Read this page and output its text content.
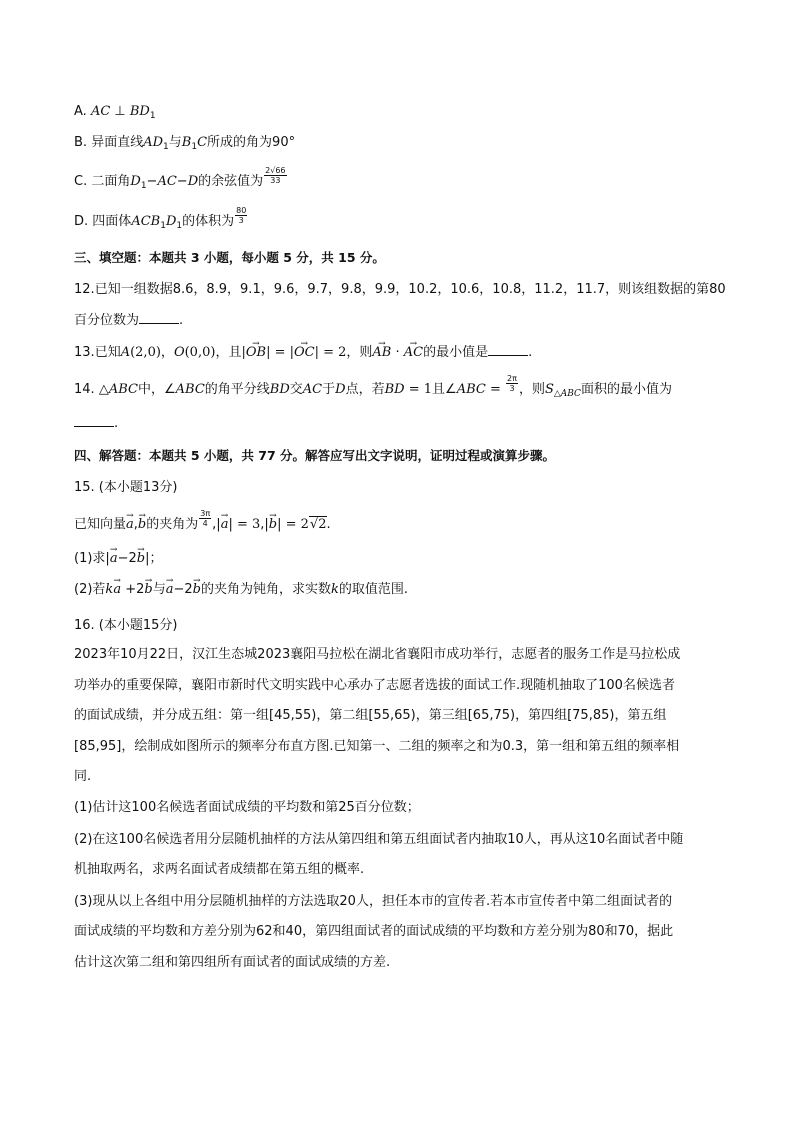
A. AC ⊥ $BD_1$
B. 异面直线$AD_1$与$B_1C$所成的角为90°
C. 二面角$D_1-AC-D$的余弦值为 $\frac{2√66}{33}$
D. 四面体$ACB_1D_1$的体积为 $\frac{80}{3}$
三、填空题：本题共 3 小题，每小题 5 分，共 15 分。
12.已知一组数据8.6，8.9，9.1，9.6，9.7，9.8，9.9，10.2，10.6，10.8，11.2，11.7，则该组数据的第80
百分位数为	.
13.已知A(2,0)，O(0,0)，且|→ OB| = |→ OC| = 2，则→ AB · → AC的最小值是	.
14. △ABC中，∠ABC的角平分线BD交AC于D点，若BD = 1且∠ABC = $\frac{2\pi}{3}$ ，则$S_{\triangle ABC}$面积的最小值为
.
四、解答题：本题共 5 小题，共 77 分。解答应写出文字说明，证明过程或演算步骤。
15. (本小题13分)
已知向量→ a,→ b的夹角为 $\frac{3\pi}{4}$ ,|→ a| = 3,|→ b| = 2√2.
(1)求|→ a−2→ b|；
(2)若k→ a +2→ b与→ a−2→ b的夹角为钝角，求实数k的取值范围.
16. (本小题15分)
2023年10月22日，汉江生态城2023襄阳马拉松在湖北省襄阳市成功举行，志愿者的服务工作是马拉松成
功举办的重要保障，襄阳市新时代文明实践中心承办了志愿者选拔的面试工作.现随机抽取了100名候选者
的面试成绩，并分成五组：第一组[45,55)，第二组[55,65)，第三组[65,75)，第四组[75,85)，第五组
[85,95]，绘制成如图所示的频率分布直方图.已知第一、二组的频率之和为0.3，第一组和第五组的频率相
同.
(1)估计这100名候选者面试成绩的平均数和第25百分位数；
(2)在这100名候选者用分层随机抽样的方法从第四组和第五组面试者内抽取10人，再从这10名面试者中随
机抽取两名，求两名面试者成绩都在第五组的概率.
(3)现从以上各组中用分层随机抽样的方法选取20人，担任本市的宣传者.若本市宣传者中第二组面试者的
面试成绩的平均数和方差分别为62和40，第四组面试者的面试成绩的平均数和方差分别为80和70，据此
估计这次第二组和第四组所有面试者的面试成绩的方差.
